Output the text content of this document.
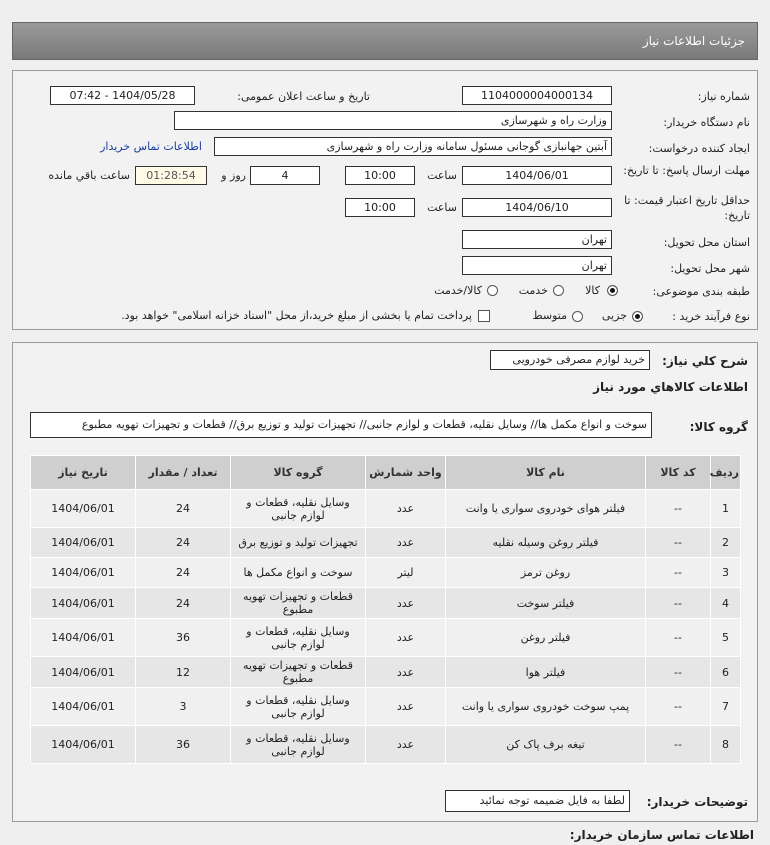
جزئیات اطلاعات نیاز
شماره نیاز:
1104000004000134
تاریخ و ساعت اعلان عمومی:
1404/05/28 - 07:42
نام دستگاه خریدار:
وزارت راه و شهرسازی
ایجاد کننده درخواست:
آبتین جهانبازی گوجانی مسئول سامانه وزارت راه و شهرسازی
اطلاعات تماس خریدار
مهلت ارسال پاسخ: تا تاریخ:
1404/06/01
ساعت
10:00
4
روز و
01:28:54
ساعت باقي مانده
حداقل تاریخ اعتبار قیمت: تا تاریخ:
1404/06/10
ساعت
10:00
استان محل تحویل:
تهران
شهر محل تحویل:
تهران
طبقه بندی موضوعی:
کالا
خدمت
کالا/خدمت
نوع فرآیند خرید :
جزیی
متوسط
پرداخت تمام یا بخشی از مبلغ خرید،از محل "اسناد خزانه اسلامی" خواهد بود.
شرح کلي نياز:
خرید لوازم مصرفی خودرویی
اطلاعات کالاهاي مورد نياز
گروه کالا:
سوخت و انواع مکمل ها// وسایل نقلیه، قطعات و لوازم جانبی// تجهیزات تولید و توزیع برق// قطعات و تجهیزات تهویه مطبوع
ردیف	کد کالا	نام کالا	واحد شمارش	گروه کالا	تعداد / مقدار	تاریخ نیاز
1	--	فیلتر هوای خودروی سواری یا وانت	عدد	وسایل نقلیه، قطعات و لوازم جانبی	24	1404/06/01
2	--	فیلتر روغن وسیله نقلیه	عدد	تجهیزات تولید و توزیع برق	24	1404/06/01
3	--	روغن ترمز	لیتر	سوخت و انواع مکمل ها	24	1404/06/01
4	--	فیلتر سوخت	عدد	قطعات و تجهیزات تهویه مطبوع	24	1404/06/01
5	--	فیلتر روغن	عدد	وسایل نقلیه، قطعات و لوازم جانبی	36	1404/06/01
6	--	فیلتر هوا	عدد	قطعات و تجهیزات تهویه مطبوع	12	1404/06/01
7	--	پمپ سوخت خودروی سواری یا وانت	عدد	وسایل نقلیه، قطعات و لوازم جانبی	3	1404/06/01
8	--	تیغه برف پاک کن	عدد	وسایل نقلیه، قطعات و لوازم جانبی	36	1404/06/01
توضیحات خریدار:
لطفا به فایل ضمیمه توجه نمائید
اطلاعات تماس سازمان خریدار:
